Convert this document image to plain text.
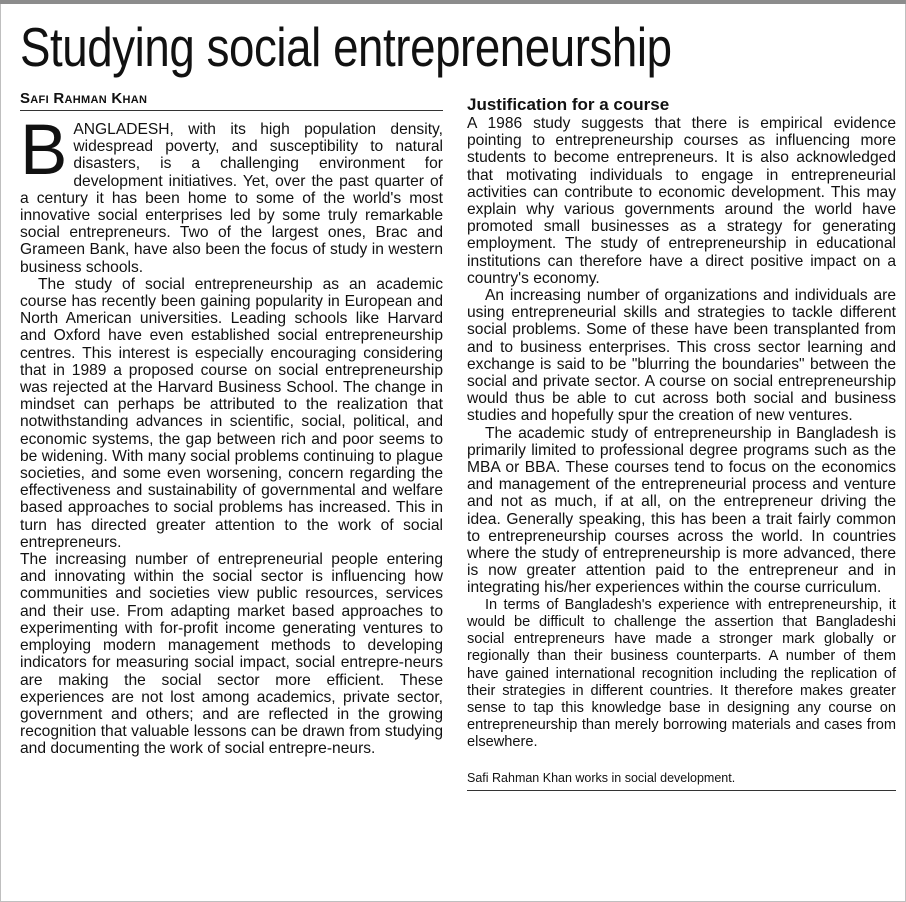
Studying social entrepreneurship
Safi Rahman Khan

BANGLADESH, with its high population density, widespread poverty, and susceptibility to natural disasters, is a challenging environment for development initiatives. Yet, over the past quarter of a century it has been home to some of the world's most innovative social enterprises led by some truly remarkable social entrepreneurs. Two of the largest ones, Brac and Grameen Bank, have also been the focus of study in western business schools.

The study of social entrepreneurship as an academic course has recently been gaining popularity in European and North American universities. Leading schools like Harvard and Oxford have even established social entrepreneurship centres. This interest is especially encouraging considering that in 1989 a proposed course on social entrepreneurship was rejected at the Harvard Business School. The change in mindset can perhaps be attributed to the realization that notwithstanding advances in scientific, social, political, and economic systems, the gap between rich and poor seems to be widening. With many social problems continuing to plague societies, and some even worsening, concern regarding the effectiveness and sustainability of governmental and welfare based approaches to social problems has increased. This in turn has directed greater attention to the work of social entrepreneurs.

The increasing number of entrepreneurial people entering and innovating within the social sector is influencing how communities and societies view public resources, services and their use. From adapting market based approaches to experimenting with for-profit income generating ventures to employing modern management methods to developing indicators for measuring social impact, social entrepre-neurs are making the social sector more efficient. These experiences are not lost among academics, private sector, government and others; and are reflected in the growing recognition that valuable lessons can be drawn from studying and documenting the work of social entrepre-neurs.

Justification for a course

A 1986 study suggests that there is empirical evidence pointing to entrepreneurship courses as influencing more students to become entrepreneurs. It is also acknowledged that motivating individuals to engage in entrepreneurial activities can contribute to economic development. This may explain why various governments around the world have promoted small businesses as a strategy for generating employment. The study of entrepreneurship in educational institutions can therefore have a direct positive impact on a country's economy.

An increasing number of organizations and individuals are using entrepreneurial skills and strategies to tackle different social problems. Some of these have been transplanted from and to business enterprises. This cross sector learning and exchange is said to be "blurring the boundaries" between the social and private sector. A course on social entrepreneurship would thus be able to cut across both social and business studies and hopefully spur the creation of new ventures.

The academic study of entrepreneurship in Bangladesh is primarily limited to professional degree programs such as the MBA or BBA. These courses tend to focus on the economics and management of the entrepreneurial process and venture and not as much, if at all, on the entrepreneur driving the idea. Generally speaking, this has been a trait fairly common to entrepreneurship courses across the world. In countries where the study of entrepreneurship is more advanced, there is now greater attention paid to the entrepreneur and in integrating his/her experiences within the course curriculum.

In terms of Bangladesh's experience with entrepreneurship, it would be difficult to challenge the assertion that Bangladeshi social entrepreneurs have made a stronger mark globally or regionally than their business counterparts. A number of them have gained international recognition including the replication of their strategies in different countries. It therefore makes greater sense to tap this knowledge base in designing any course on entrepreneurship than merely borrowing materials and cases from elsewhere.

Safi Rahman Khan works in social development.
